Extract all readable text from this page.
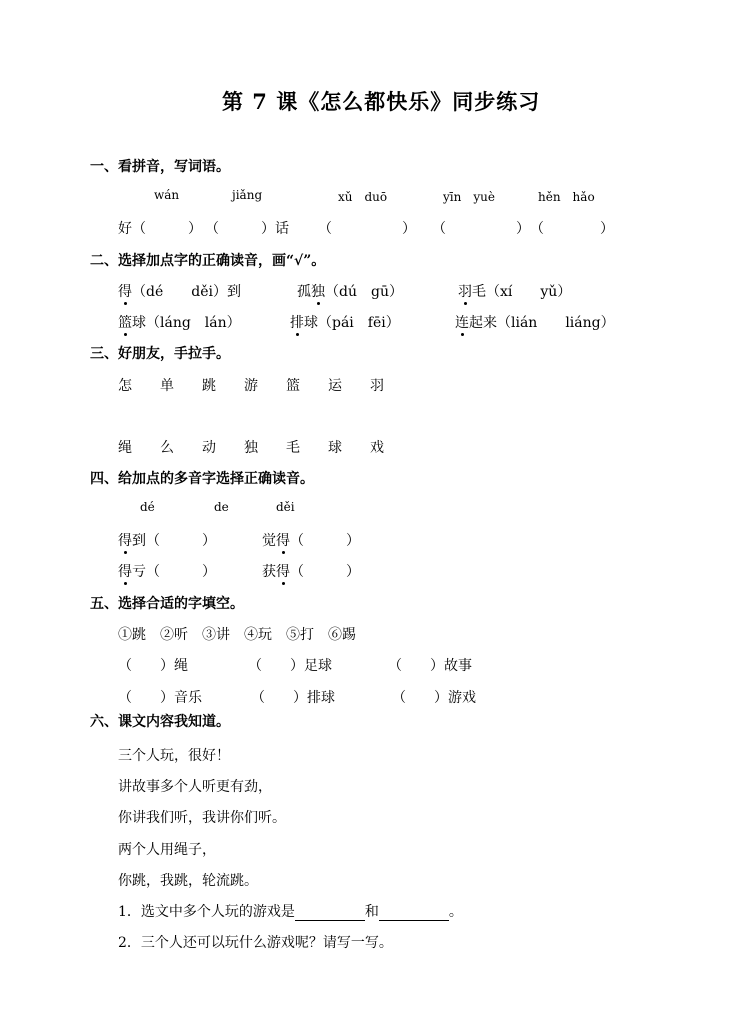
第 7 课《怎么都快乐》同步练习
一、看拼音，写词语。
wán	jiǎng	xǔ　duō	yīn　yuè	hěn　hǎo
好（　　　） （　　　）话 （　　　　　） （　　　　　） （　　　　）
二、选择加点字的正确读音，画“√”。
得（dé　　děi）到	孤独（dú　gū）	羽毛（xí　　yǔ）
篮球（láng　lán）	排球（pái　fēi）	连起来（lián　　liáng）
三、好朋友，手拉手。
怎 单 跳 游 篮 运 羽
绳 么 动 独 毛 球 戏
四、给加点的多音字选择正确读音。
dé	de	děi
得到（　　　）	觉得（　　　）
得亏（　　　）	获得（　　　）
五、选择合适的字填空。
①跳　②听　③讲　④玩　⑤打　⑥踢
（　　）绳	（　　）足球	（　　）故事
（　　）音乐	（　　）排球	（　　）游戏
六、课文内容我知道。
三个人玩，很好！
讲故事多个人听更有劲，
你讲我们听，我讲你们听。
两个人用绳子，
你跳，我跳，轮流跳。
1．选文中多个人玩的游戏是	和	。
2．三个人还可以玩什么游戏呢？请写一写。
